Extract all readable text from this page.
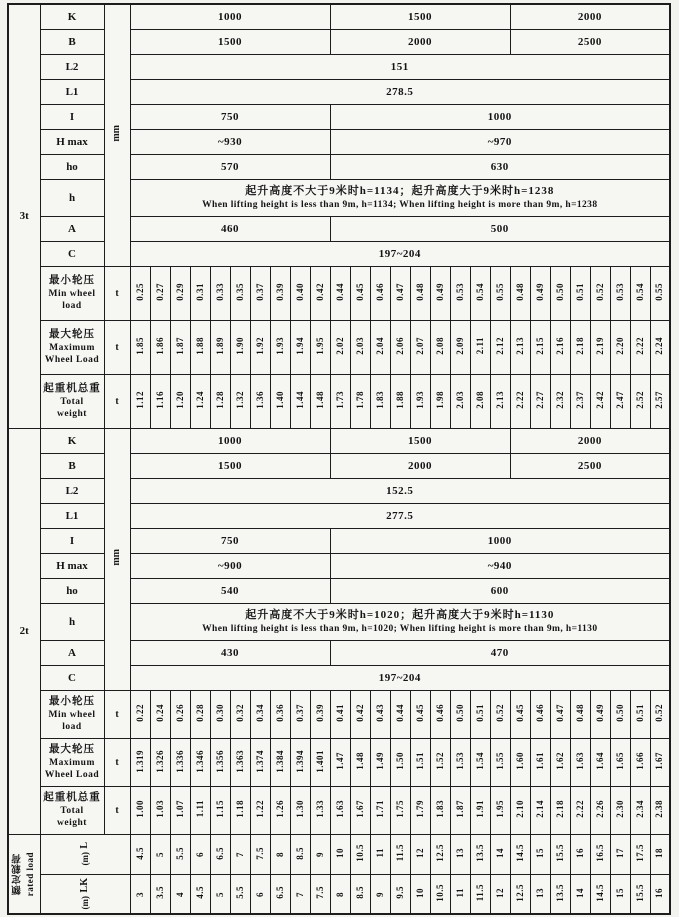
3t	K	mm	1000										1500									2000							
	B		1500										2000									2500							
	L2		151																										
	L1		278.5																										
	I		750										1000																
	H max		~930										~970																
	ho		570										630																
	h		起升高度不大于9米时h=1134；起升高度大于9米时h=1238
When lifting height is less than 9m, h=1134; When lifting height is more than 9m, h=1238																										

	A		460										500																
	C		197~204																										

	最小轮压
Min wheel
load	t	0.25	0.27	0.29	0.31	0.33	0.35	0.37	0.39	0.40	0.42	0.44	0.45	0.46	0.47	0.48	0.49	0.53	0.54	0.55	0.48	0.49	0.50	0.51	0.52	0.53	0.54	0.55

	最大轮压
Maximum
Wheel Load	t	1.85	1.86	1.87	1.88	1.89	1.90	1.92	1.93	1.94	1.95	2.02	2.03	2.04	2.06	2.07	2.08	2.09	2.11	2.12	2.13	2.15	2.16	2.18	2.19	2.20	2.22	2.24

	起重机总重
Total
weight	t	1.12	1.16	1.20	1.24	1.28	1.32	1.36	1.40	1.44	1.48	1.73	1.78	1.83	1.88	1.93	1.98	2.03	2.08	2.13	2.22	2.27	2.32	2.37	2.42	2.47	2.52	2.57
2t	K	mm	1000										1500									2000							
	B		1500										2000									2500							
	L2		152.5																										
	L1		277.5																										
	I		750										1000																
	H max		~900										~940																
	ho		540										600																
	h		起升高度不大于9米时h=1020；起升高度大于9米时h=1130
When lifting height is less than 9m, h=1020; When lifting height is more than 9m, h=1130																										

	A		430										470																
	C		197~204																										

	最小轮压
Min wheel
load	t	0.22	0.24	0.26	0.28	0.30	0.32	0.34	0.36	0.37	0.39	0.41	0.42	0.43	0.44	0.45	0.46	0.50	0.51	0.52	0.45	0.46	0.47	0.48	0.49	0.50	0.51	0.52

	最大轮压
Maximum
Wheel Load	t	1.319	1.326	1.336	1.346	1.356	1.363	1.374	1.384	1.394	1.401	1.47	1.48	1.49	1.50	1.51	1.52	1.53	1.54	1.55	1.60	1.61	1.62	1.63	1.64	1.65	1.66	1.67

	起重机总重
Total
weight	t	1.00	1.03	1.07	1.11	1.15	1.18	1.22	1.26	1.30	1.33	1.63	1.67	1.71	1.75	1.79	1.83	1.87	1.91	1.95	2.10	2.14	2.18	2.22	2.26	2.30	2.34	2.38

额定载荷 rated load	L
(m)		4.5	5	5.5	6	6.5	7	7.5	8	8.5	9	10	10.5	11	11.5	12	12.5	13	13.5	14	14.5	15	15.5	16	16.5	17	17.5	18

	LK
(m)		3	3.5	4	4.5	5	5.5	6	6.5	7	7.5	8	8.5	9	9.5	10	10.5	11	11.5	12	12.5	13	13.5	14	14.5	15	15.5	16
